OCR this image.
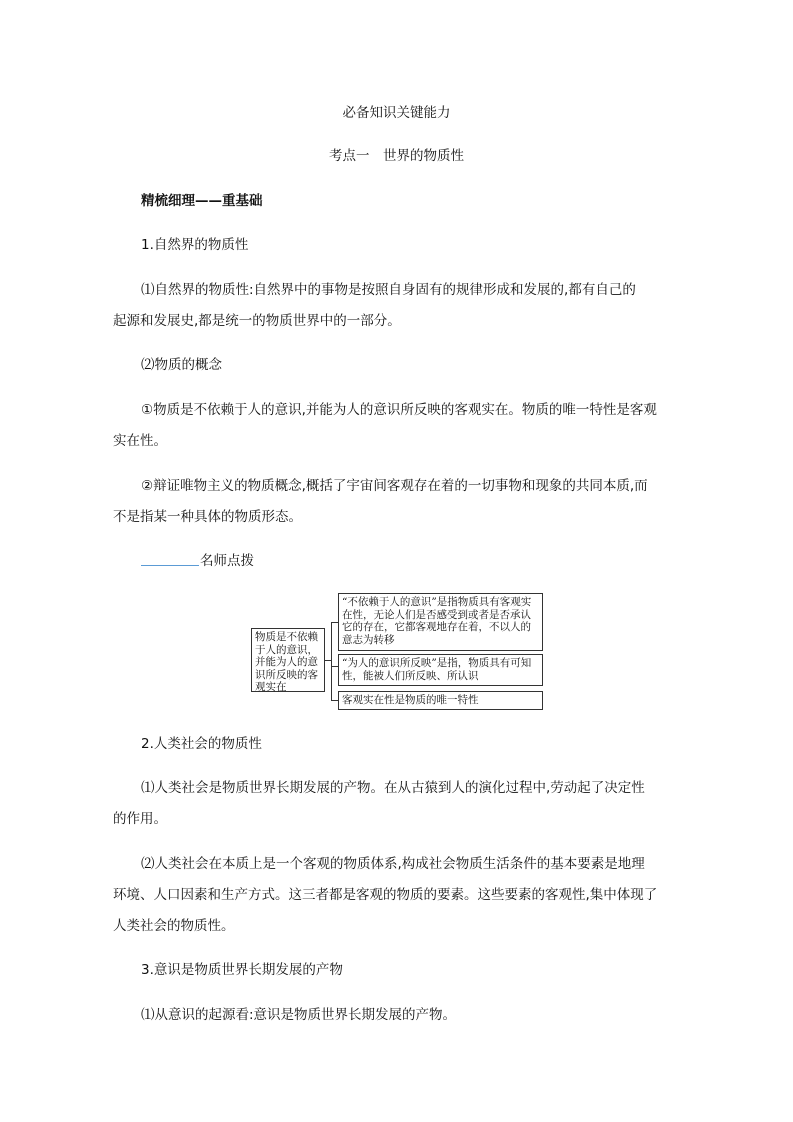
必备知识关键能力
考点一　世界的物质性
精梳细理——重基础
1.自然界的物质性
⑴自然界的物质性:自然界中的事物是按照自身固有的规律形成和发展的,都有自己的
起源和发展史,都是统一的物质世界中的一部分。
⑵物质的概念
①物质是不依赖于人的意识,并能为人的意识所反映的客观实在。物质的唯一特性是客观
实在性。
②辩证唯物主义的物质概念,概括了宇宙间客观存在着的一切事物和现象的共同本质,而
不是指某一种具体的物质形态。
名师点拨
物质是不依赖于人的意识，并能为人的意识所反映的客观实在
“不依赖于人的意识”是指物质具有客观实在性，无论人们是否感受到或者是否承认它的存在，它都客观地存在着，不以人的意志为转移
“为人的意识所反映”是指，物质具有可知性，能被人们所反映、所认识
客观实在性是物质的唯一特性
2.人类社会的物质性
⑴人类社会是物质世界长期发展的产物。在从古猿到人的演化过程中,劳动起了决定性
的作用。
⑵人类社会在本质上是一个客观的物质体系,构成社会物质生活条件的基本要素是地理
环境、人口因素和生产方式。这三者都是客观的物质的要素。这些要素的客观性,集中体现了
人类社会的物质性。
3.意识是物质世界长期发展的产物
⑴从意识的起源看:意识是物质世界长期发展的产物。
